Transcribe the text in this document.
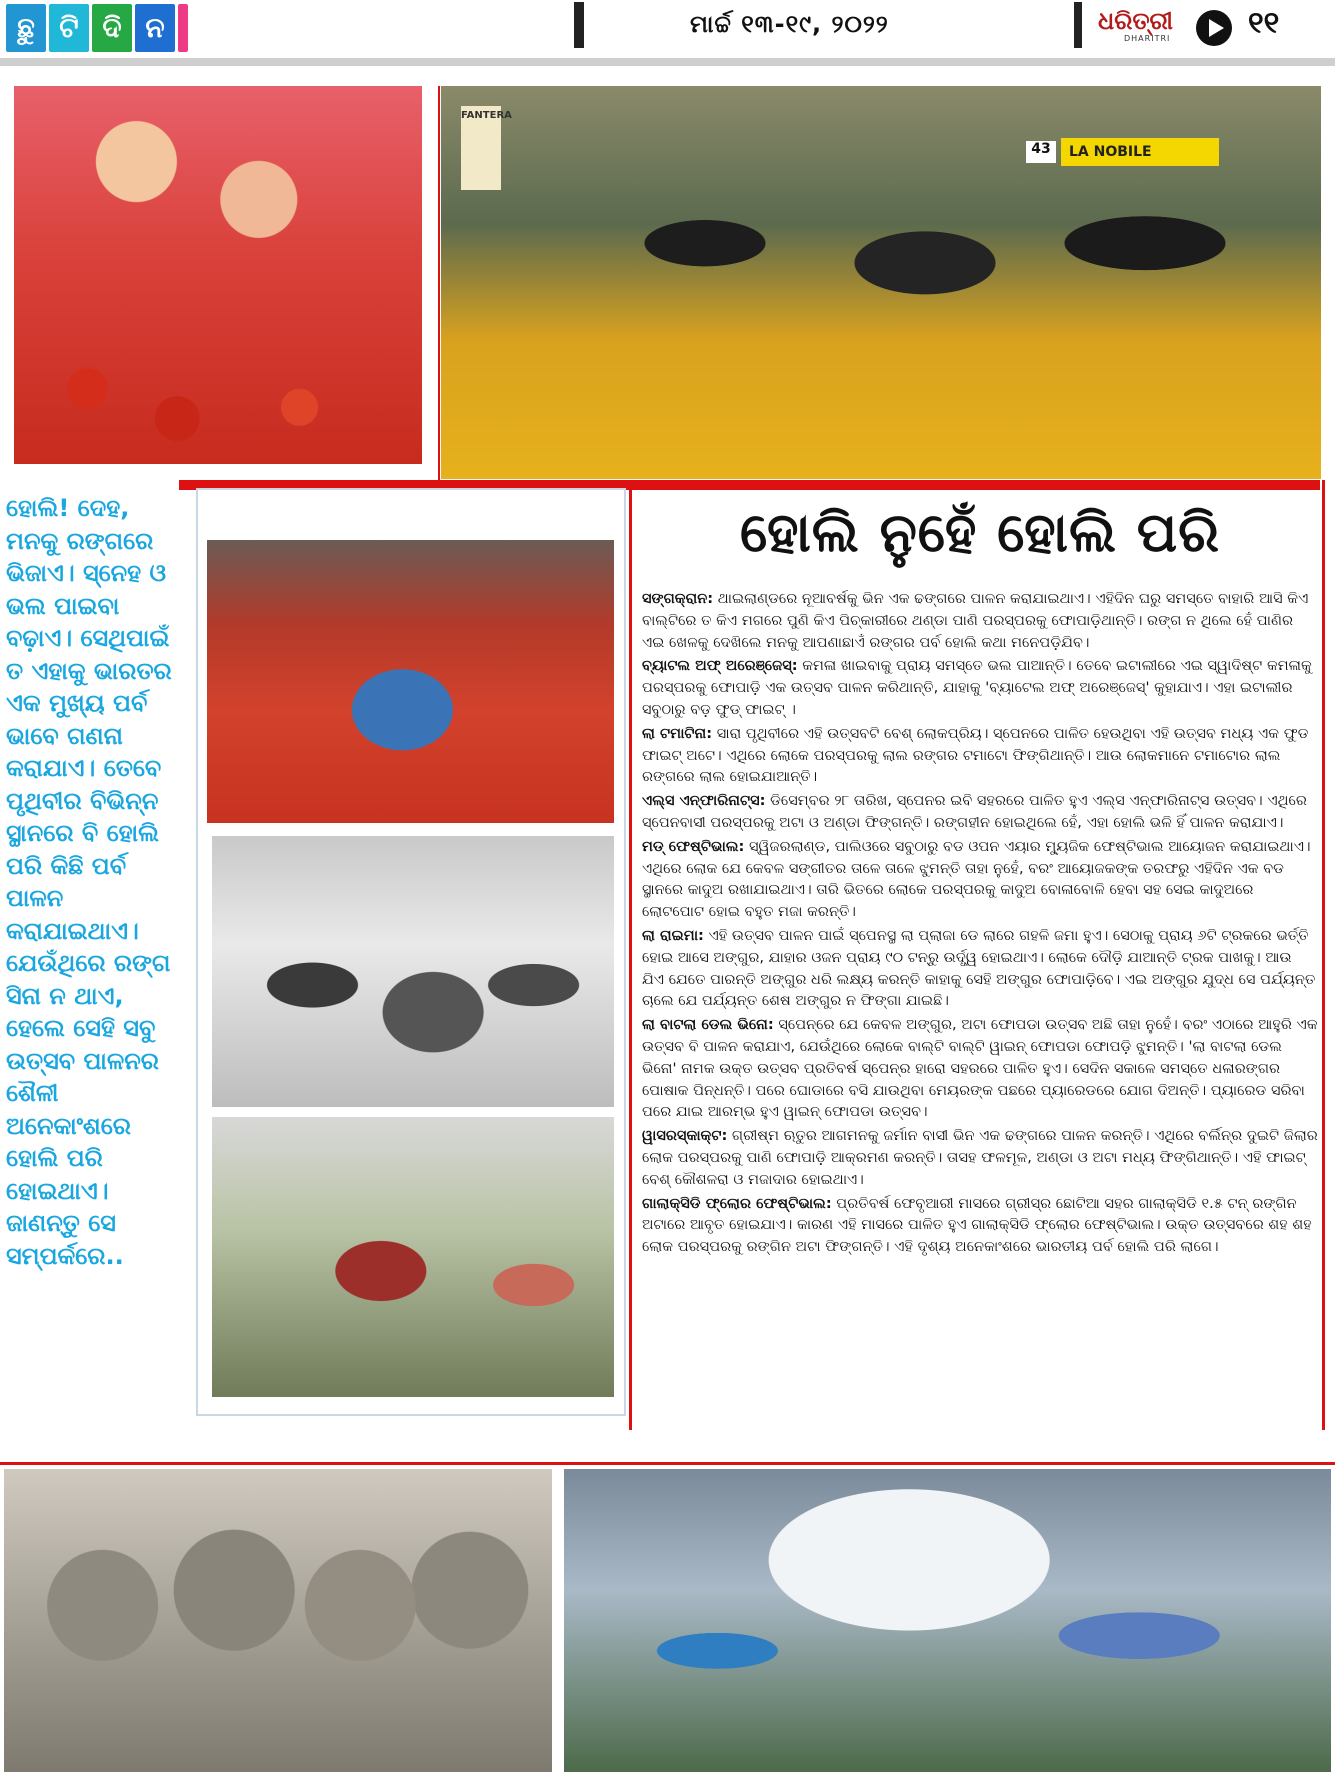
ଛୁ ଟି ଦି ନ	ମାର୍ଚ୍ଚ ୧୩-୧୯, ୨୦୨୨	ଧରିତ୍ରୀ
DHARITRI	୧୧
FANTERA
43	LA NOBILE
ହୋଲି! ଦେହ, ମନକୁ ରଙ୍ଗରେ ଭିଜାଏ। ସ୍ନେହ ଓ ଭଲ ପାଇବା ବଢ଼ାଏ। ସେଥିପାଇଁ ତ ଏହାକୁ ଭାରତର ଏକ ମୁଖ୍ୟ ପର୍ବ ଭାବେ ଗଣନା କରାଯାଏ। ତେବେ ପୃଥିବୀର ବିଭିନ୍ନ ସ୍ଥାନରେ ବି ହୋଲି ପରି କିଛି ପର୍ବ ପାଳନ କରାଯାଇଥାଏ। ଯେଉଁଥିରେ ରଙ୍ଗ ସିନା ନ ଥାଏ, ହେଲେ ସେହି ସବୁ ଉତ୍ସବ ପାଳନର ଶୈଳୀ ଅନେକାଂଶରେ ହୋଲି ପରି ହୋଇଥାଏ। ଜାଣନ୍ତୁ ସେ ସମ୍ପର୍କରେ..
ହୋଲି ନୁହେଁ ହୋଲି ପରି

ସଙ୍ଗକ୍ରାନ: ଥାଇଲାଣ୍ଡରେ ନୂଆବର୍ଷକୁ ଭିନ ଏକ ଢଙ୍ଗରେ ପାଳନ କରାଯାଇଥାଏ। ଏହିଦିନ ଘରୁ ସମସ୍ତେ ବାହାରି ଆସି କିଏ ବାଲ୍ଟିରେ ତ କିଏ ମଗରେ ପୁଣି କିଏ ପିଚ୍‌କାରୀରେ ଥଣ୍ଡା ପାଣି ପରସ୍ପରକୁ ଫୋପାଡ଼ିଥାନ୍ତି। ରଙ୍ଗ ନ ଥିଲେ ହେଁ ପାଣିର ଏଇ ଖେଳକୁ ଦେଖିଲେ ମନକୁ ଆପଣାଛାଏଁ ରଙ୍ଗର ପର୍ବ ହୋଲି କଥା ମନେପଡ଼ିଯିବ।

ବ୍ୟାଟଲ ଅଫ୍ ଅରେଞ୍ଜେସ୍: କମଳା ଖାଇବାକୁ ପ୍ରାୟ ସମସ୍ତେ ଭଲ ପାଆନ୍ତି। ତେବେ ଇଟାଲୀରେ ଏଇ ସ୍ୱାଦିଷ୍ଟ କମଳାକୁ ପରସ୍ପରକୁ ଫୋପାଡ଼ି ଏକ ଉତ୍ସବ ପାଳନ କରିଥାନ୍ତି, ଯାହାକୁ 'ବ୍ୟାଟେଲ ଅଫ୍ ଅରେଞ୍ଜେସ୍' କୁହାଯାଏ। ଏହା ଇଟାଲୀର ସବୁଠାରୁ ବଡ଼ ଫୁଡ୍ ଫାଇଟ୍ ।

ଲା ଟମାଟିନା: ସାରା ପୃଥିବୀରେ ଏହି ଉତ୍ସବଟି ବେଶ୍ ଲୋକପ୍ରିୟ। ସ୍ପେନରେ ପାଳିତ ହେଉଥିବା ଏହି ଉତ୍ସବ ମଧ୍ୟ ଏକ ଫୁଡ ଫାଇଟ୍ ଅଟେ। ଏଥିରେ ଲୋକେ ପରସ୍ପରକୁ ଲାଲ ରଙ୍ଗର ଟମାଟୋ ଫିଙ୍ଗିଥାନ୍ତି। ଆଉ ଲୋକମାନେ ଟମାଟୋର ଲାଲ ରଙ୍ଗରେ ଲାଲ ହୋଇଯାଆନ୍ତି।

ଏଲ୍ସ ଏନ୍‌ଫାରିନାଟ୍‌ସ: ଡିସେମ୍ବର ୨୮ ତାରିଖ, ସ୍ପେନର ଇବି ସହରରେ ପାଳିତ ହୁଏ ଏଲ୍ସ ଏନ୍‌ଫାରିନାଟ୍‌ସ ଉତ୍ସବ। ଏଥିରେ ସ୍ପେନବାସୀ ପରସ୍ପରକୁ ଅଟା ଓ ଅଣ୍ଡା ଫିଙ୍ଗନ୍ତି। ରଙ୍ଗହୀନ ହୋଇଥିଲେ ହେଁ, ଏହା ହୋଲି ଭଳି ହିଁ ପାଳନ କରାଯାଏ।

ମଡ୍ ଫେଷ୍ଟିଭାଲ: ସ୍ୱିଜରଲାଣ୍ଡ, ପାଲିଓରେ ସବୁଠାରୁ ବଡ ଓପନ ଏୟାର ମ୍ୟୁଜିକ ଫେଷ୍ଟିଭାଲ ଆୟୋଜନ କରାଯାଇଥାଏ। ଏଥିରେ ଲୋକ ଯେ କେବଳ ସଙ୍ଗୀତର ତାଳେ ତାଳେ ଝୁମନ୍ତି ତାହା ନୁହେଁ, ବରଂ ଆୟୋଜକଙ୍କ ତରଫରୁ ଏହିଦିନ ଏକ ବଡ ସ୍ଥାନରେ କାଦୁଅ ରଖାଯାଇଥାଏ। ତାରି ଭିତରେ ଲୋକେ ପରସ୍ପରକୁ କାଦୁଅ ବୋଳାବୋଳି ହେବା ସହ ସେଇ କାଦୁଅରେ ଲୋଟପୋଟ ହୋଇ ବହୁତ ମଜା କରନ୍ତି।

ଲା ରାଇମା: ଏହି ଉତ୍ସବ ପାଳନ ପାଇଁ ସ୍ପେନସ୍ଥ ଲା ପ୍ଲାଜା ଡେ ଲାରେ ଗହଳି ଜମା ହୁଏ। ସେଠାକୁ ପ୍ରାୟ ୬ଟି ଟ୍ରକରେ ଭର୍ତ୍ତି ହୋଇ ଆସେ ଅଙ୍ଗୁର, ଯାହାର ଓଜନ ପ୍ରାୟ ୯୦ ଟନ୍‌ରୁ ଉର୍ଦ୍ଧ୍ୱ ହୋଇଥାଏ। ଲୋକେ ଦୌଡ଼ି ଯାଆନ୍ତି ଟ୍ରକ ପାଖକୁ। ଆଉ ଯିଏ ଯେତେ ପାରନ୍ତି ଅଙ୍ଗୁର ଧରି ଲକ୍ଷ୍ୟ କରନ୍ତି କାହାକୁ ସେହି ଅଙ୍ଗୁର ଫୋପାଡ଼ିବେ। ଏଇ ଅଙ୍ଗୁର ଯୁଦ୍ଧ ସେ ପର୍ଯ୍ୟନ୍ତ ଚାଲେ ଯେ ପର୍ଯ୍ୟନ୍ତ ଶେଷ ଅଙ୍ଗୁର ନ ଫିଙ୍ଗା ଯାଇଛି।

ଲା ବାଟଲା ଡେଲ ଭିନୋ: ସ୍ପେନ୍‌ରେ ଯେ କେବଳ ଅଙ୍ଗୁର, ଅଟା ଫୋପଡା ଉତ୍ସବ ଅଛି ତାହା ନୁହେଁ। ବରଂ ଏଠାରେ ଆହୁରି ଏକ ଉତ୍ସବ ବି ପାଳନ କରାଯାଏ, ଯେଉଁଥିରେ ଲୋକେ ବାଲ୍ଟି ବାଲ୍ଟି ୱାଇନ୍ ଫୋପଡା ଫୋପଡ଼ି ଝୁମନ୍ତି। 'ଲା ବାଟଲା ଡେଲ ଭିନୋ' ନାମକ ଉକ୍ତ ଉତ୍ସବ ପ୍ରତିବର୍ଷ ସ୍ପେନ୍‌ର ହାରୋ ସହରରେ ପାଳିତ ହୁଏ। ସେଦିନ ସକାଳେ ସମସ୍ତେ ଧଳାରଙ୍ଗର ପୋଷାକ ପିନ୍ଧନ୍ତି। ପରେ ଘୋଡାରେ ବସି ଯାଉଥିବା ମେୟରଙ୍କ ପଛରେ ପ୍ୟାରେଡରେ ଯୋଗ ଦିଅନ୍ତି। ପ୍ୟାରେଡ ସରିବା ପରେ ଯାଇ ଆରମ୍ଭ ହୁଏ ୱାଇନ୍ ଫୋପଡା ଉତ୍ସବ।

ୱାସରସ୍କାକ୍ଟ: ଗ୍ରୀଷ୍ମ ଋତୁର ଆଗମନକୁ ଜର୍ମାନ ବାସୀ ଭିନ ଏକ ଢଙ୍ଗରେ ପାଳନ କରନ୍ତି। ଏଥିରେ ବର୍ଲିନ୍‌ର ଦୁଇଟି ଜିଲାର ଲୋକ ପରସ୍ପରକୁ ପାଣି ଫୋପାଡ଼ି ଆକ୍ରମଣ କରନ୍ତି। ତାସହ ଫଳମୂଳ, ଅଣ୍ଡା ଓ ଅଟା ମଧ୍ୟ ଫିଙ୍ଗିଥାନ୍ତି। ଏହି ଫାଇଟ୍ ବେଶ୍ କୌଶଳରା ଓ ମଜାଦାର ହୋଇଥାଏ।

ଗାଲାକ୍ସିଡି ଫ୍ଲୋର ଫେଷ୍ଟିଭାଲ: ପ୍ରତିବର୍ଷ ଫେବୃଆରୀ ମାସରେ ଗ୍ରୀସ୍‌ର ଛୋଟିଆ ସହର ଗାଲାକ୍ସିଡି ୧.୫ ଟନ୍ ରଙ୍ଗିନ ଅଟାରେ ଆବୃତ ହୋଇଯାଏ। କାରଣ ଏହି ମାସରେ ପାଳିତ ହୁଏ ଗାଲାକ୍ସିଡି ଫ୍ଲୋର ଫେଷ୍ଟିଭାଲ। ଉକ୍ତ ଉତ୍ସବରେ ଶହ ଶହ ଲୋକ ପରସ୍ପରକୁ ରଙ୍ଗିନ ଅଟା ଫିଙ୍ଗନ୍ତି। ଏହି ଦୃଶ୍ୟ ଅନେକାଂଶରେ ଭାରତୀୟ ପର୍ବ ହୋଲି ପରି ଲାଗେ।
